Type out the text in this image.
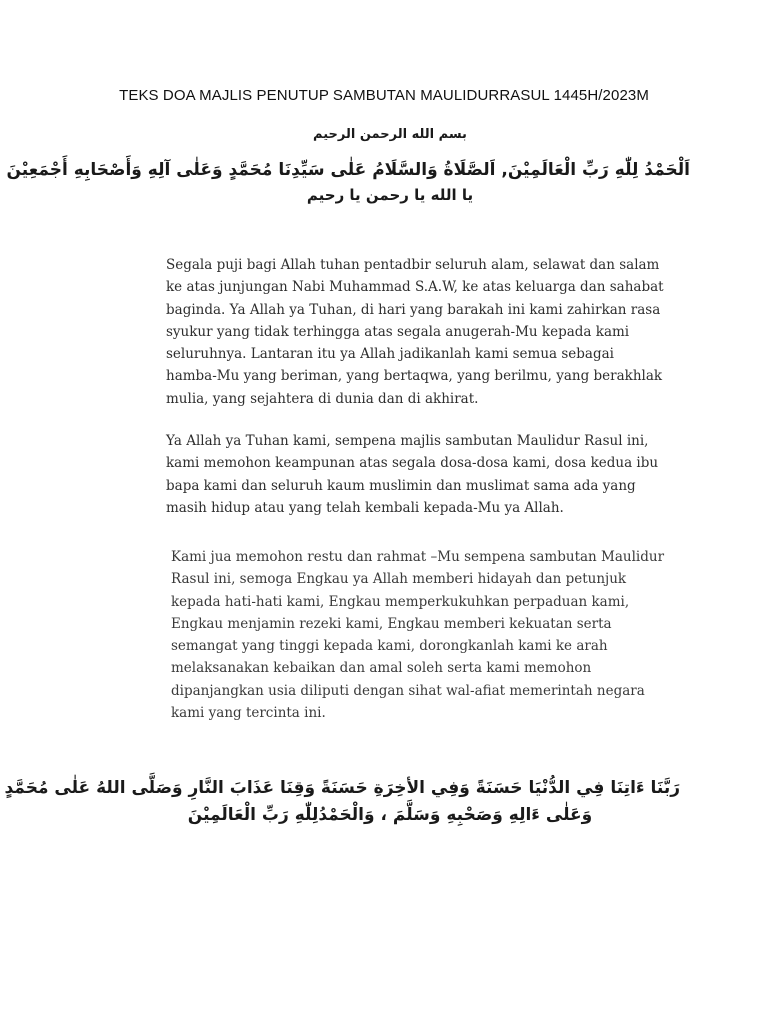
TEKS DOA MAJLIS PENUTUP SAMBUTAN MAULIDURRASUL 1445H/2023M
بسم الله الرحمن الرحيم
اَلْحَمْدُ لِلّٰهِ رَبِّ الْعَالَمِيْنَ, اَلصَّلَاةُ وَالسَّلَامُ عَلٰى سَيِّدِنَا مُحَمَّدٍ وَعَلٰى آلِهِ وَأَصْحَابِهِ أَجْمَعِيْنَ
يا الله يا رحمن يا رحيم

Segala puji bagi Allah tuhan pentadbir seluruh alam, selawat dan salam
ke atas junjungan Nabi Muhammad S.A.W, ke atas keluarga dan sahabat
baginda. Ya Allah ya Tuhan, di hari yang barakah ini kami zahirkan rasa
syukur yang tidak terhingga atas segala anugerah-Mu kepada kami
seluruhnya. Lantaran itu ya Allah jadikanlah kami semua sebagai
hamba-Mu yang beriman, yang bertaqwa, yang berilmu, yang berakhlak
mulia, yang sejahtera di dunia dan di akhirat.

Ya Allah ya Tuhan kami, sempena majlis sambutan Maulidur Rasul ini,
kami memohon keampunan atas segala dosa-dosa kami, dosa kedua ibu
bapa kami dan seluruh kaum muslimin dan muslimat sama ada yang
masih hidup atau yang telah kembali kepada-Mu ya Allah.

Kami jua memohon restu dan rahmat –Mu sempena sambutan Maulidur
Rasul ini, semoga Engkau ya Allah memberi hidayah dan petunjuk
kepada hati-hati kami, Engkau memperkukuhkan perpaduan kami,
Engkau menjamin rezeki kami, Engkau memberi kekuatan serta
semangat yang tinggi kepada kami, dorongkanlah kami ke arah
melaksanakan kebaikan dan amal soleh serta kami memohon
dipanjangkan usia diliputi dengan sihat wal-afiat memerintah negara
kami yang tercinta ini.

رَبَّنَا ءَاتِنَا فِي الدُّنْيَا حَسَنَةً وَفِي الأخِرَةِ حَسَنَةً وَقِنَا عَذَابَ النَّارِ وَصَلَّى اللهُ عَلٰى مُحَمَّدٍ
وَعَلٰى ءَالِهِ وَصَحْبِهِ وَسَلَّمَ ، وَالْحَمْدُلِلّٰهِ رَبِّ الْعَالَمِيْنَ
